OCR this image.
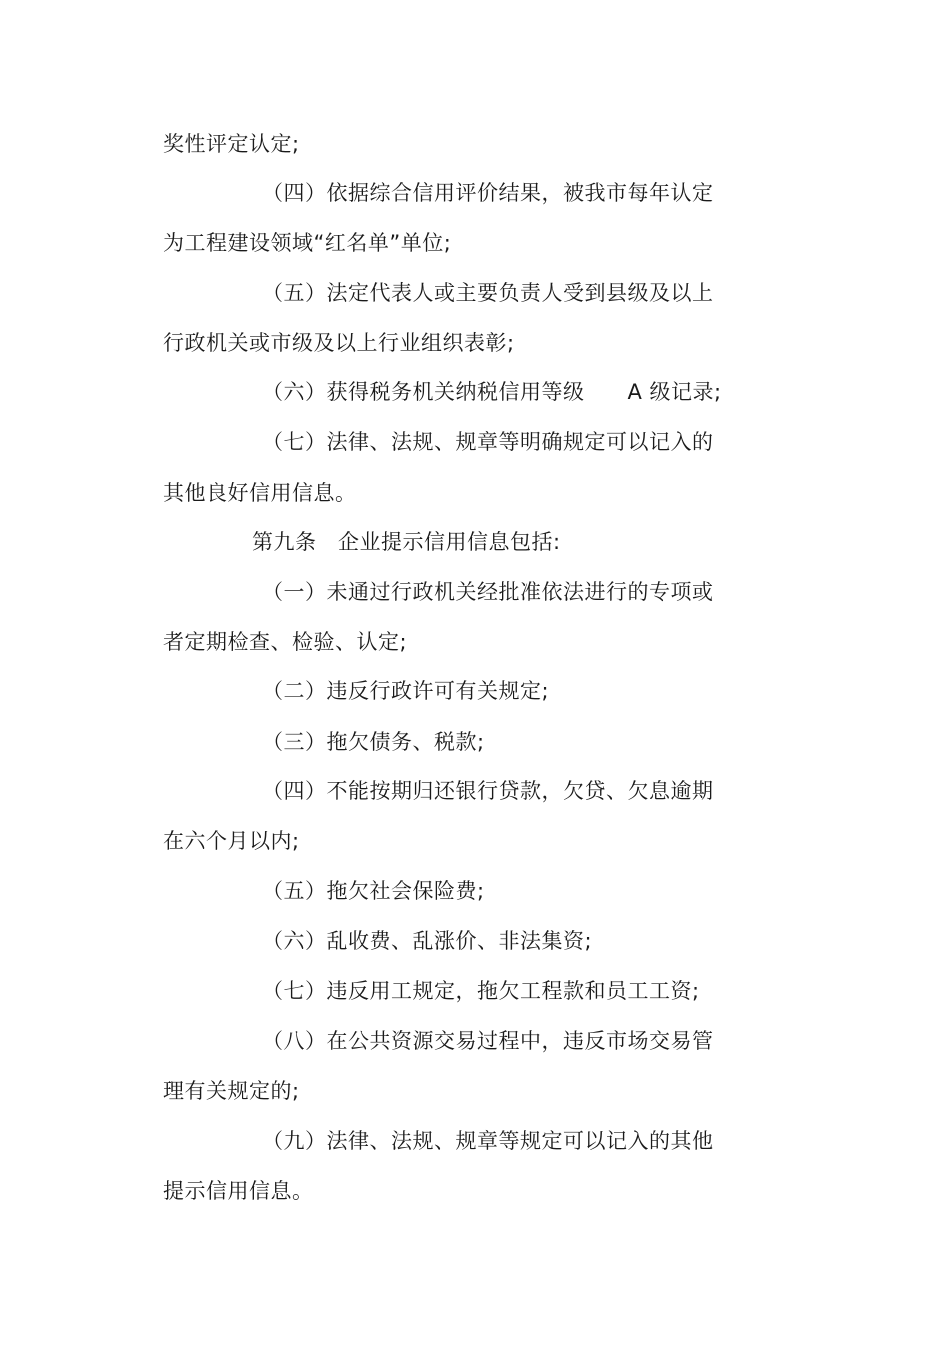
奖性评定认定;
（四）依据综合信用评价结果，被我市每年认定
为工程建设领域“红名单”单位;
（五）法定代表人或主要负责人受到县级及以上
行政机关或市级及以上行业组织表彰;
（六）获得税务机关纳税信用等级　　A 级记录;
（七）法律、法规、规章等明确规定可以记入的
其他良好信用信息。
第九条　企业提示信用信息包括:
（一）未通过行政机关经批准依法进行的专项或
者定期检查、检验、认定;
（二）违反行政许可有关规定;
（三）拖欠债务、税款;
（四）不能按期归还银行贷款，欠贷、欠息逾期
在六个月以内;
（五）拖欠社会保险费;
（六）乱收费、乱涨价、非法集资;
（七）违反用工规定，拖欠工程款和员工工资;
（八）在公共资源交易过程中，违反市场交易管
理有关规定的;
（九）法律、法规、规章等规定可以记入的其他
提示信用信息。
